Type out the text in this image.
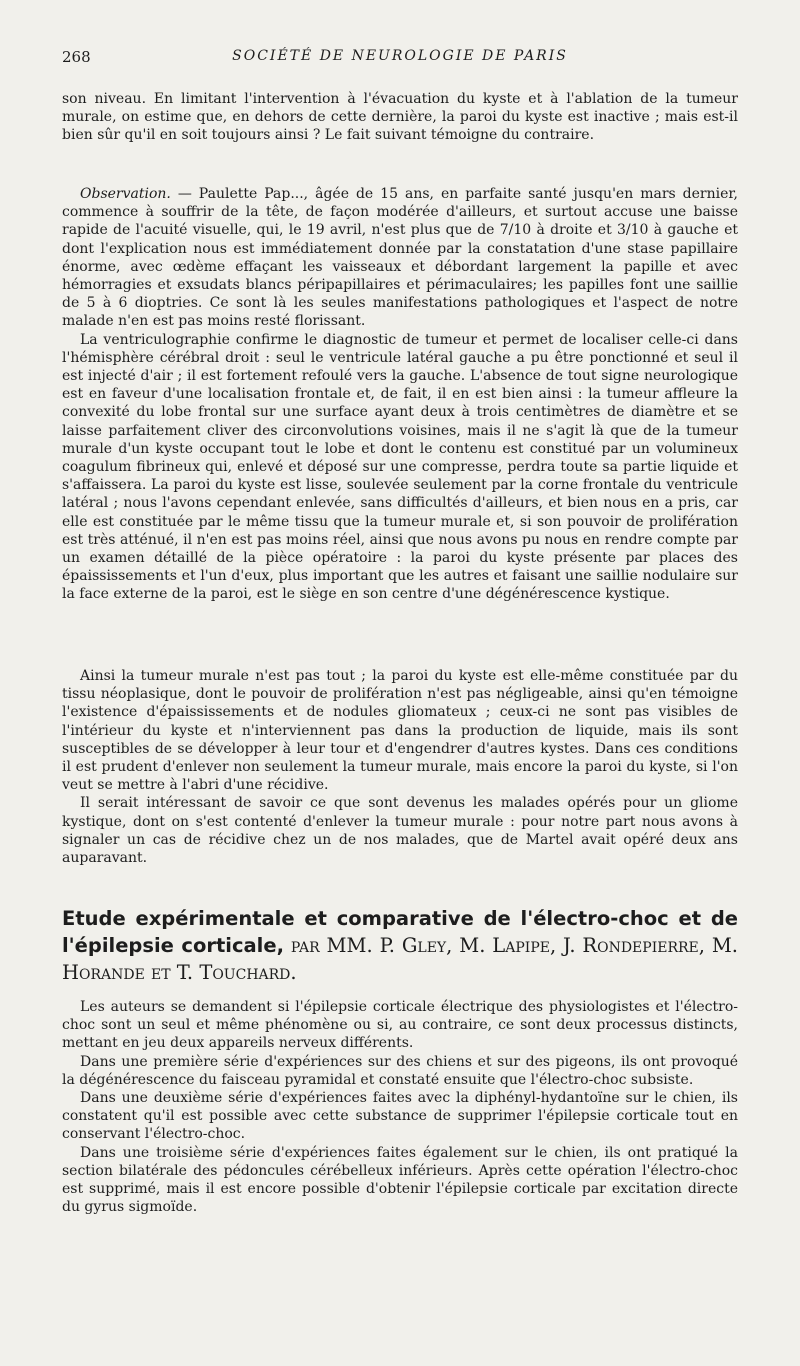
268	SOCIÉTÉ DE NEUROLOGIE DE PARIS

son niveau. En limitant l'intervention à l'évacuation du kyste et à l'ablation de la tumeur murale, on estime que, en dehors de cette dernière, la paroi du kyste est inactive ; mais est-il bien sûr qu'il en soit toujours ainsi ? Le fait suivant témoigne du contraire.

Observation. — Paulette Pap..., âgée de 15 ans, en parfaite santé jusqu'en mars dernier, commence à souffrir de la tête, de façon modérée d'ailleurs, et surtout accuse une baisse rapide de l'acuité visuelle, qui, le 19 avril, n'est plus que de 7/10 à droite et 3/10 à gauche et dont l'explication nous est immédiatement donnée par la constatation d'une stase papillaire énorme, avec œdème effaçant les vaisseaux et débordant largement la papille et avec hémorragies et exsudats blancs péripapillaires et périmaculaires; les papilles font une saillie de 5 à 6 dioptries. Ce sont là les seules manifestations pathologiques et l'aspect de notre malade n'en est pas moins resté florissant.

La ventriculographie confirme le diagnostic de tumeur et permet de localiser celle-ci dans l'hémisphère cérébral droit : seul le ventricule latéral gauche a pu être ponctionné et seul il est injecté d'air ; il est fortement refoulé vers la gauche. L'absence de tout signe neurologique est en faveur d'une localisation frontale et, de fait, il en est bien ainsi : la tumeur affleure la convexité du lobe frontal sur une surface ayant deux à trois centimètres de diamètre et se laisse parfaitement cliver des circonvolutions voisines, mais il ne s'agit là que de la tumeur murale d'un kyste occupant tout le lobe et dont le contenu est constitué par un volumineux coagulum fibrineux qui, enlevé et déposé sur une compresse, perdra toute sa partie liquide et s'affaissera. La paroi du kyste est lisse, soulevée seulement par la corne frontale du ventricule latéral ; nous l'avons cependant enlevée, sans difficultés d'ailleurs, et bien nous en a pris, car elle est constituée par le même tissu que la tumeur murale et, si son pouvoir de prolifération est très atténué, il n'en est pas moins réel, ainsi que nous avons pu nous en rendre compte par un examen détaillé de la pièce opératoire : la paroi du kyste présente par places des épaississements et l'un d'eux, plus important que les autres et faisant une saillie nodulaire sur la face externe de la paroi, est le siège en son centre d'une dégénérescence kystique.

Ainsi la tumeur murale n'est pas tout ; la paroi du kyste est elle-même constituée par du tissu néoplasique, dont le pouvoir de prolifération n'est pas négligeable, ainsi qu'en témoigne l'existence d'épaississements et de nodules gliomateux ; ceux-ci ne sont pas visibles de l'intérieur du kyste et n'interviennent pas dans la production de liquide, mais ils sont susceptibles de se développer à leur tour et d'engendrer d'autres kystes. Dans ces conditions il est prudent d'enlever non seulement la tumeur murale, mais encore la paroi du kyste, si l'on veut se mettre à l'abri d'une récidive.

Il serait intéressant de savoir ce que sont devenus les malades opérés pour un gliome kystique, dont on s'est contenté d'enlever la tumeur murale : pour notre part nous avons à signaler un cas de récidive chez un de nos malades, que de Martel avait opéré deux ans auparavant.

Etude expérimentale et comparative de l'électro-choc et de l'épilepsie corticale, par MM. P. Gley, M. Lapipe, J. Rondepierre, M. Horande et T. Touchard.

Les auteurs se demandent si l'épilepsie corticale électrique des physiologistes et l'électro-choc sont un seul et même phénomène ou si, au contraire, ce sont deux processus distincts, mettant en jeu deux appareils nerveux différents.

Dans une première série d'expériences sur des chiens et sur des pigeons, ils ont provoqué la dégénérescence du faisceau pyramidal et constaté ensuite que l'électro-choc subsiste.

Dans une deuxième série d'expériences faites avec la diphényl-hydantoïne sur le chien, ils constatent qu'il est possible avec cette substance de supprimer l'épilepsie corticale tout en conservant l'électro-choc.

Dans une troisième série d'expériences faites également sur le chien, ils ont pratiqué la section bilatérale des pédoncules cérébelleux inférieurs. Après cette opération l'électro-choc est supprimé, mais il est encore possible d'obtenir l'épilepsie corticale par excitation directe du gyrus sigmoïde.
